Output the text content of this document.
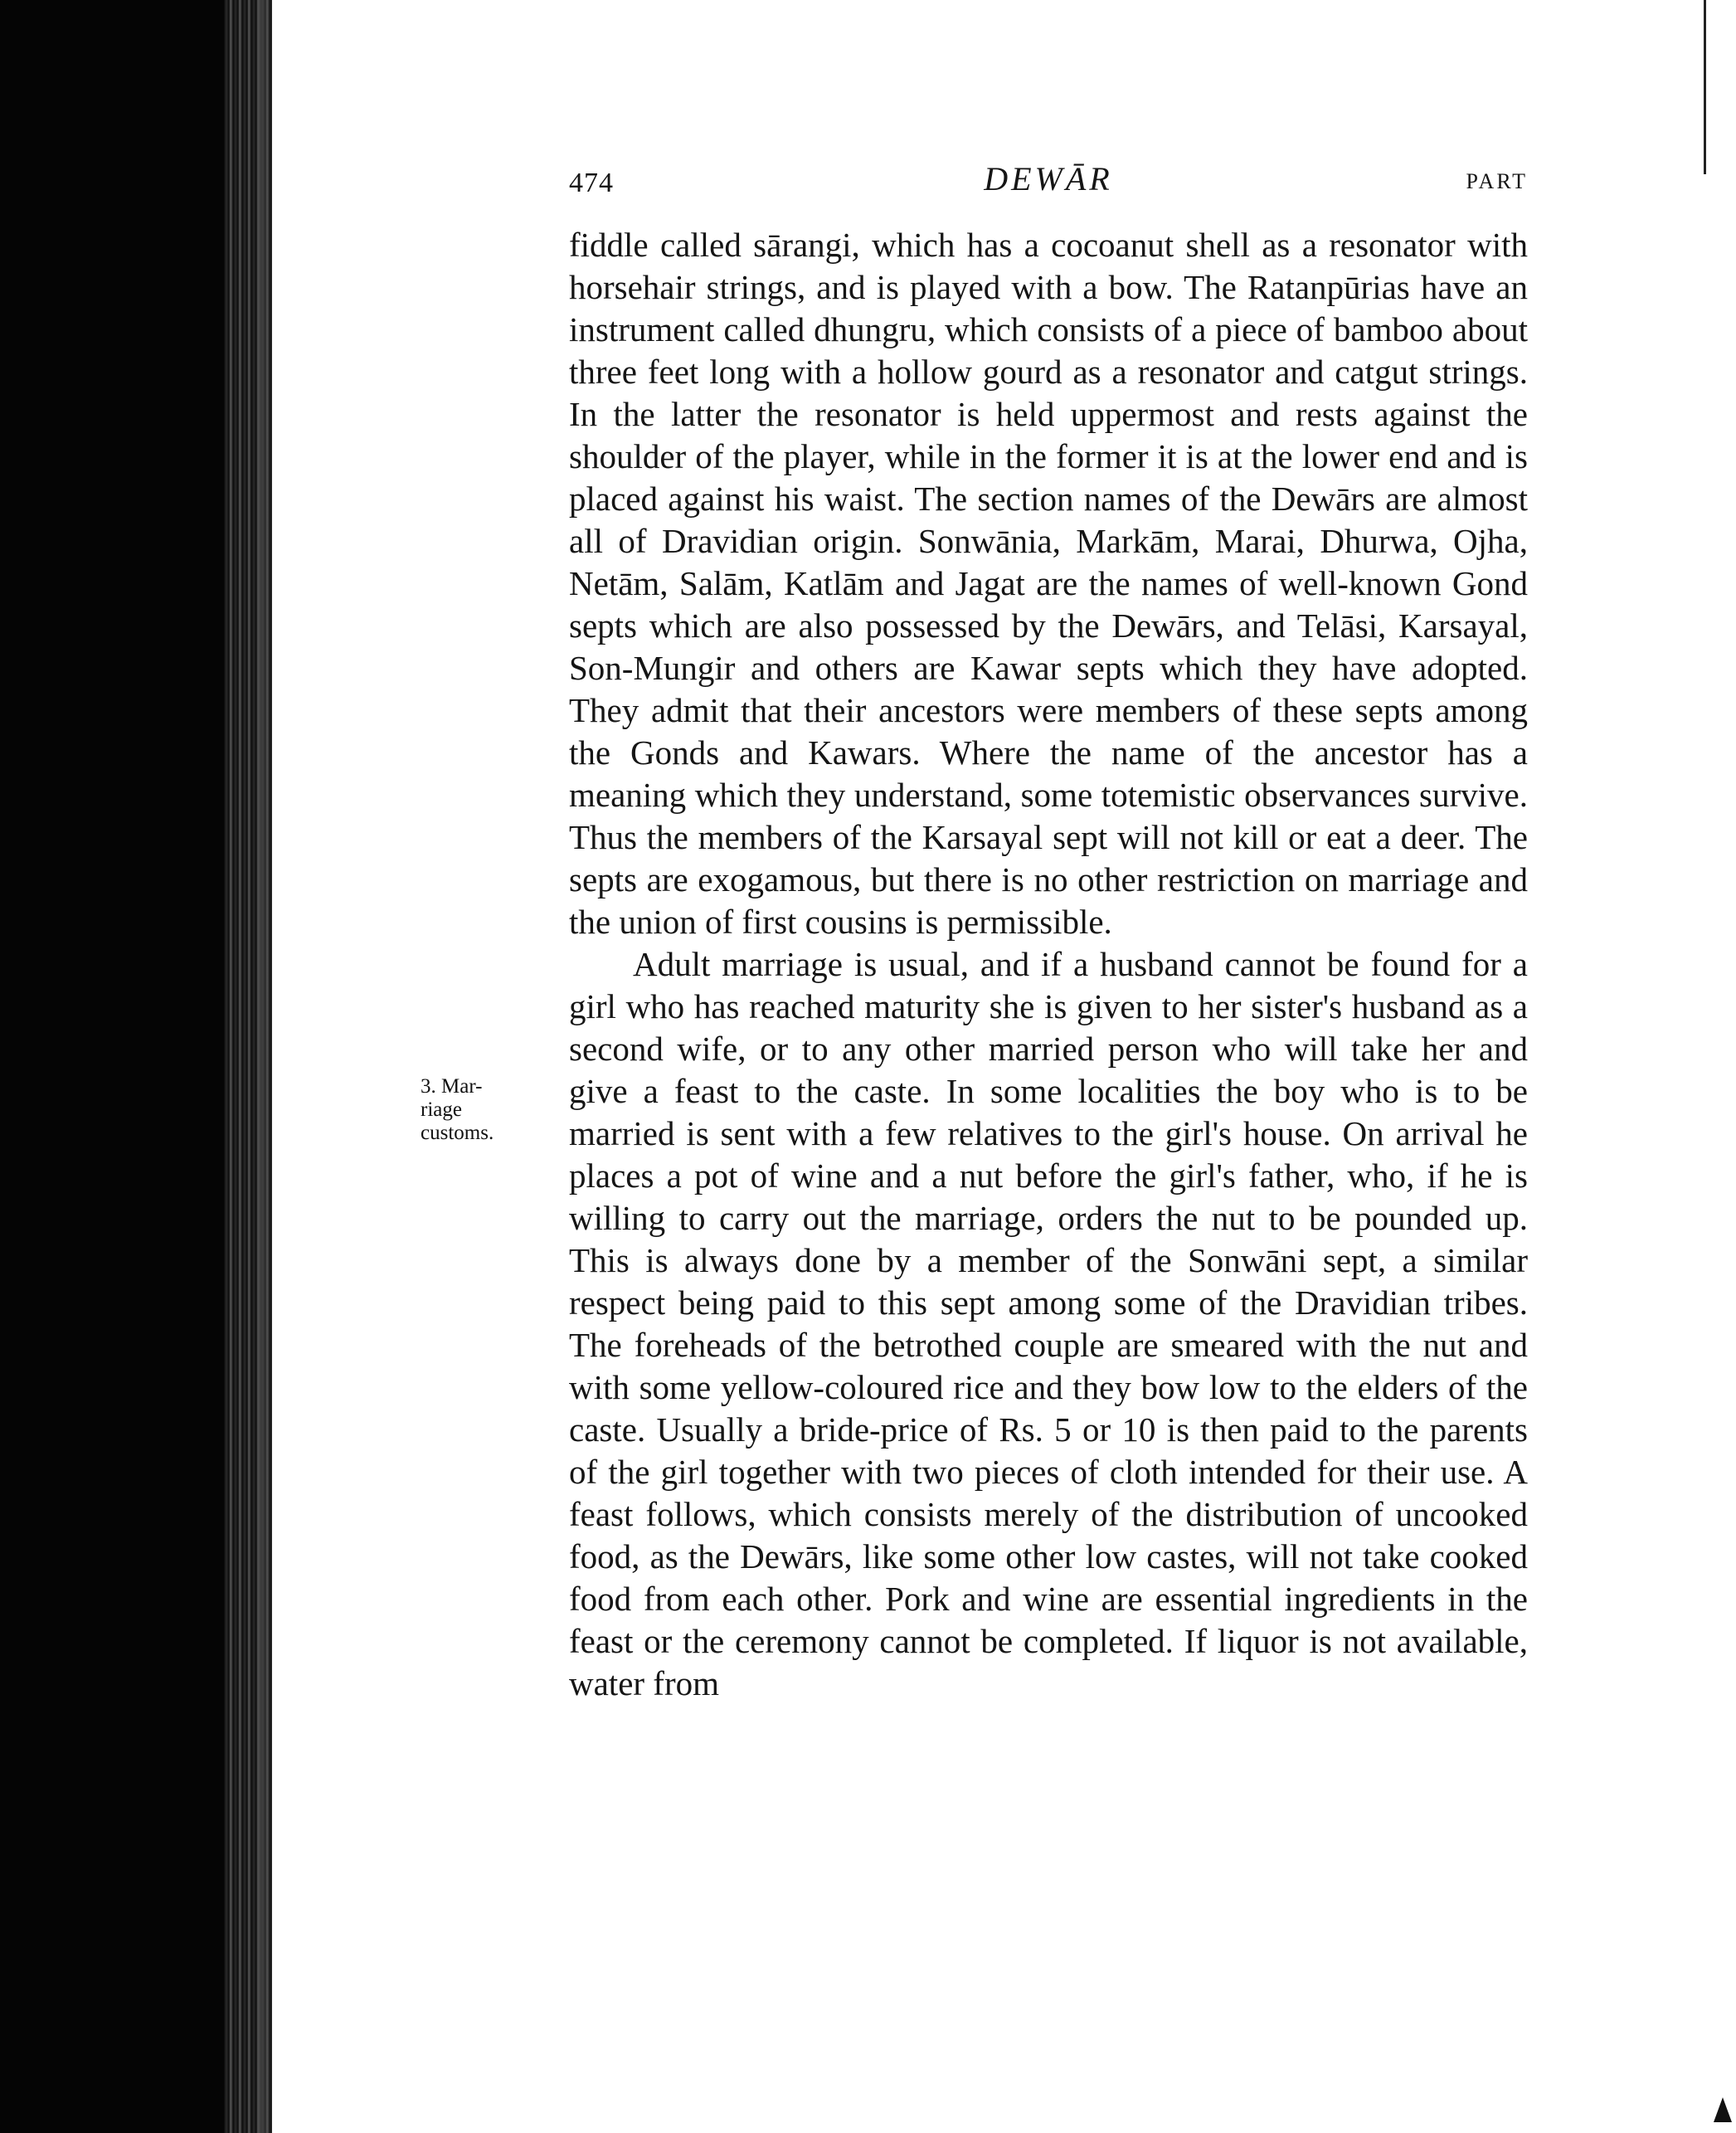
474	DEWĀR	PART
3. Mar-
riage
customs.

fiddle called sārangi, which has a cocoanut shell as a resonator with horsehair strings, and is played with a bow. The Ratanpūrias have an instrument called dhungru, which consists of a piece of bamboo about three feet long with a hollow gourd as a resonator and catgut strings. In the latter the resonator is held uppermost and rests against the shoulder of the player, while in the former it is at the lower end and is placed against his waist. The section names of the Dewārs are almost all of Dravidian origin. Sonwānia, Markām, Marai, Dhurwa, Ojha, Netām, Salām, Katlām and Jagat are the names of well-known Gond septs which are also possessed by the Dewārs, and Telāsi, Karsayal, Son-Mungir and others are Kawar septs which they have adopted. They admit that their ancestors were members of these septs among the Gonds and Kawars. Where the name of the ancestor has a meaning which they understand, some totemistic observances survive. Thus the members of the Karsayal sept will not kill or eat a deer. The septs are exogamous, but there is no other restriction on marriage and the union of first cousins is permissible.

Adult marriage is usual, and if a husband cannot be found for a girl who has reached maturity she is given to her sister's husband as a second wife, or to any other married person who will take her and give a feast to the caste. In some localities the boy who is to be married is sent with a few relatives to the girl's house. On arrival he places a pot of wine and a nut before the girl's father, who, if he is willing to carry out the marriage, orders the nut to be pounded up. This is always done by a member of the Sonwāni sept, a similar respect being paid to this sept among some of the Dravidian tribes. The foreheads of the betrothed couple are smeared with the nut and with some yellow-coloured rice and they bow low to the elders of the caste. Usually a bride-price of Rs. 5 or 10 is then paid to the parents of the girl together with two pieces of cloth intended for their use. A feast follows, which consists merely of the distribution of uncooked food, as the Dewārs, like some other low castes, will not take cooked food from each other. Pork and wine are essential ingredients in the feast or the ceremony cannot be completed. If liquor is not available, water from
